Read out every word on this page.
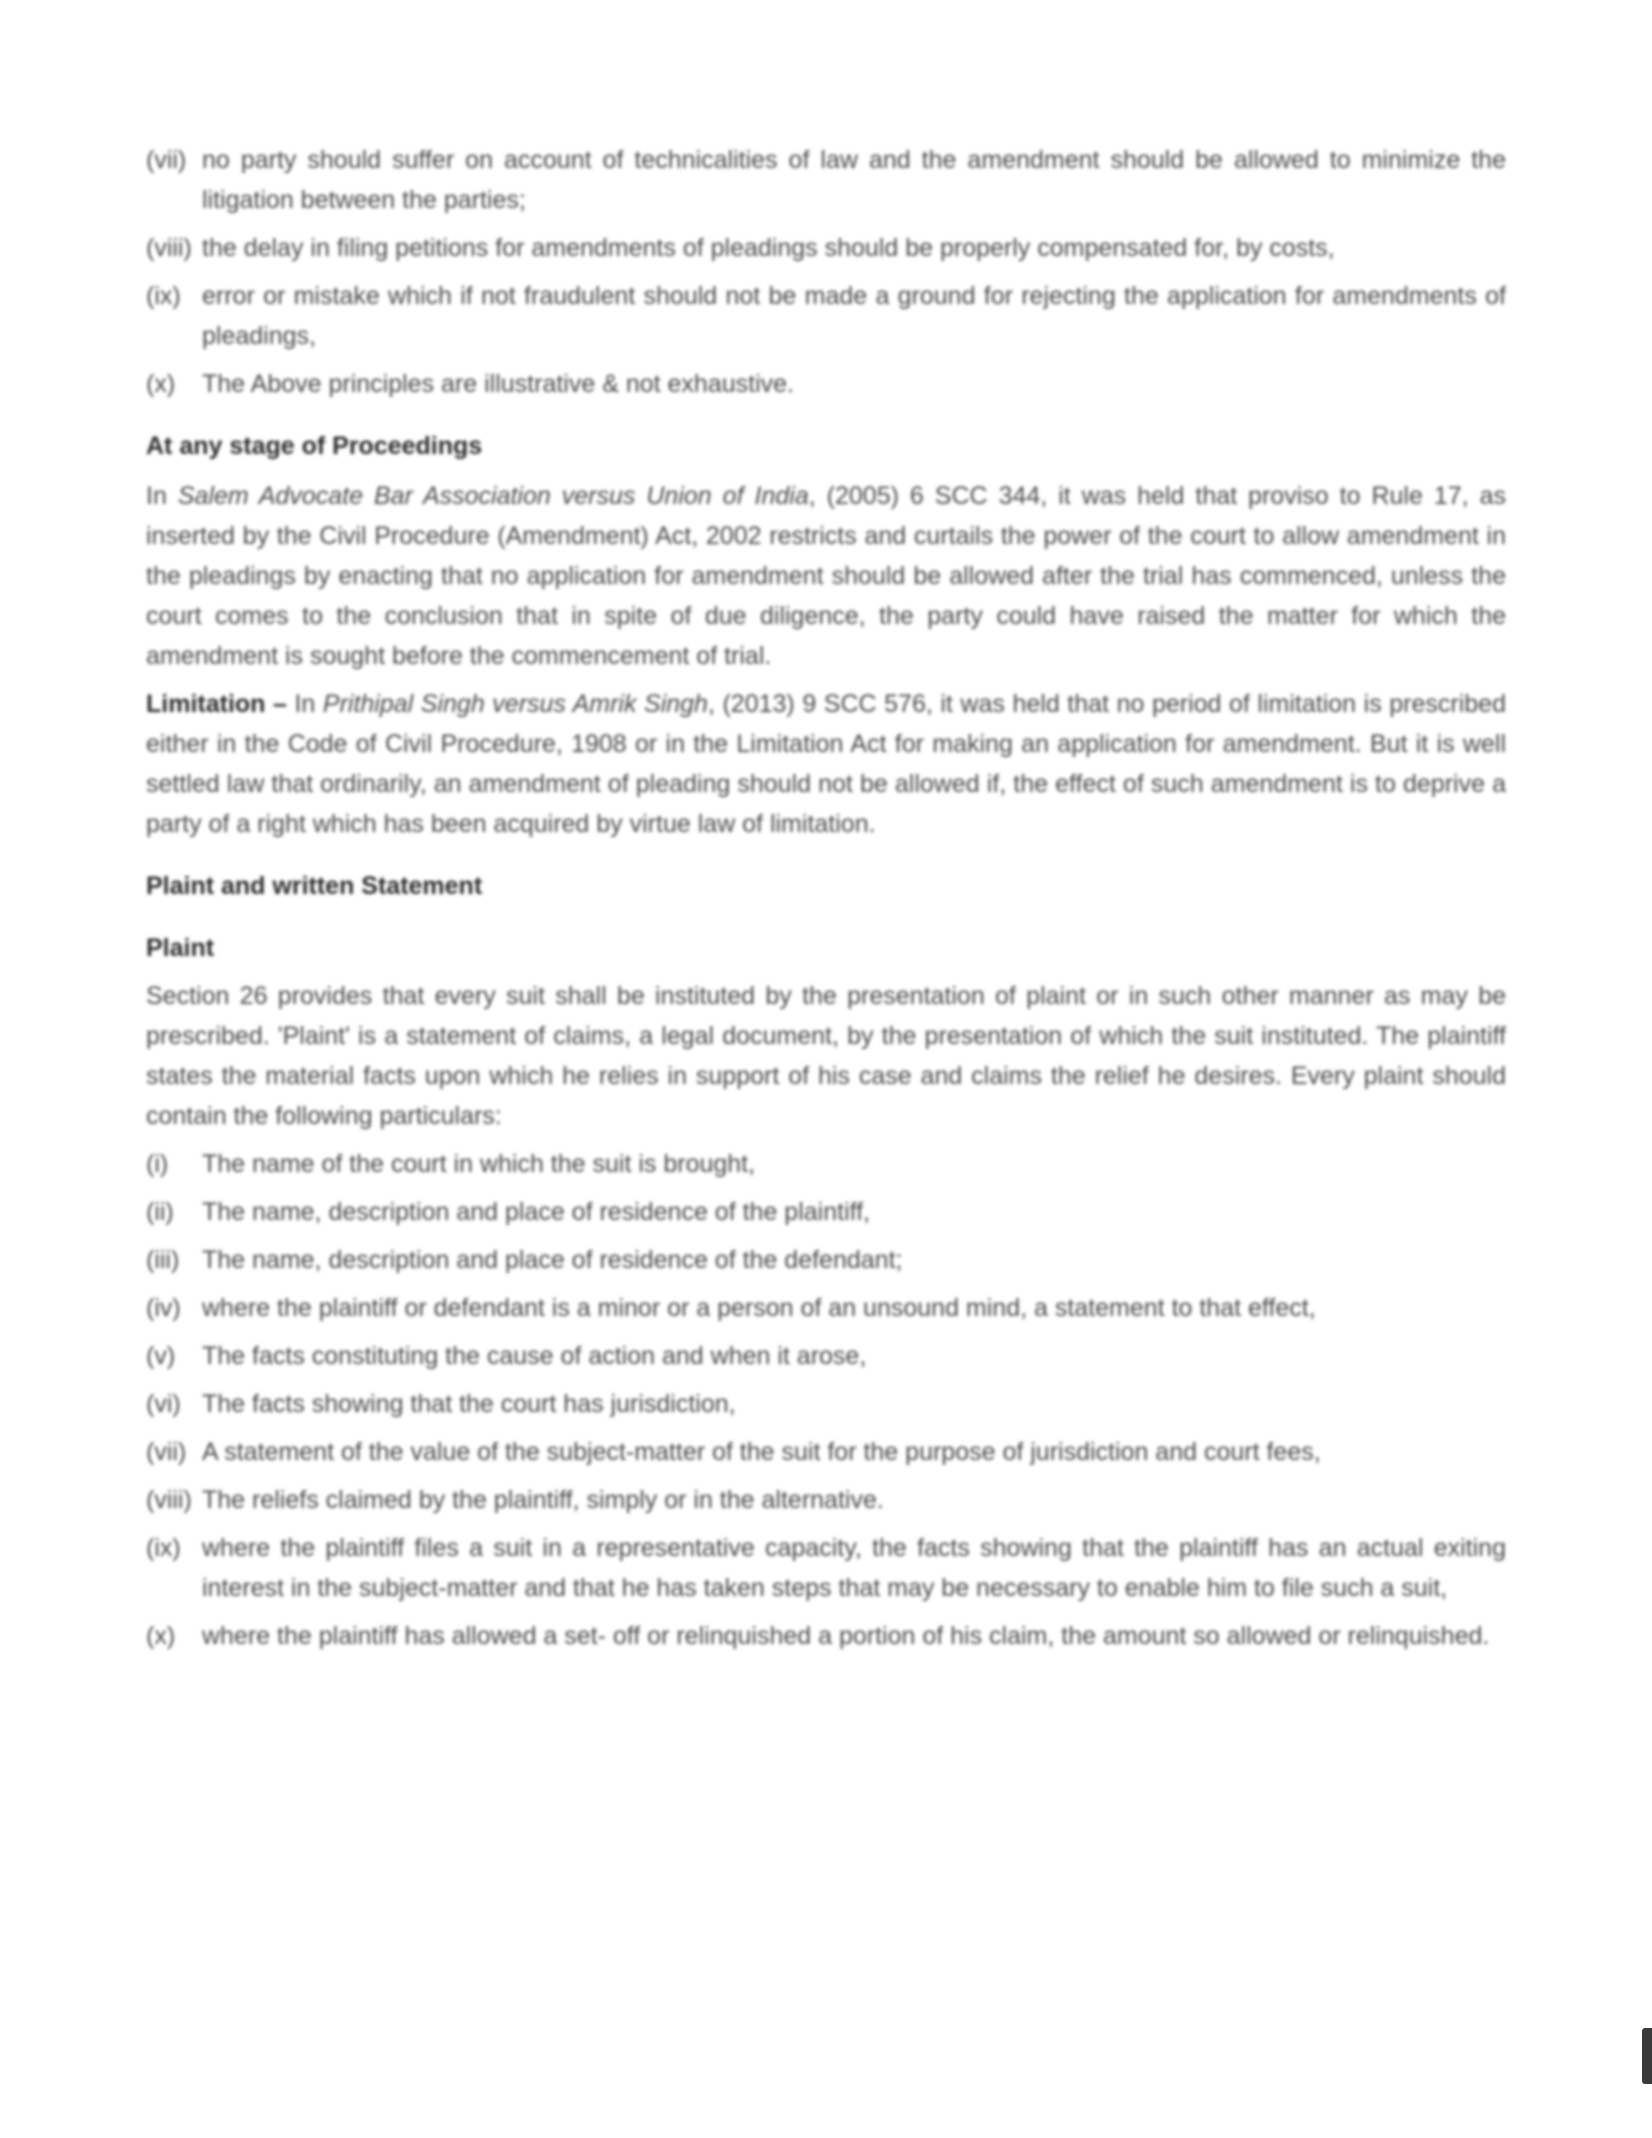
(vii) no party should suffer on account of technicalities of law and the amendment should be allowed to minimize the litigation between the parties;
(viii) the delay in filing petitions for amendments of pleadings should be properly compensated for, by costs,
(ix) error or mistake which if not fraudulent should not be made a ground for rejecting the application for amendments of pleadings,
(x)	The Above principles are illustrative & not exhaustive.
At any stage of Proceedings
In Salem Advocate Bar Association versus Union of India, (2005) 6 SCC 344, it was held that proviso to Rule 17, as inserted by the Civil Procedure (Amendment) Act, 2002 restricts and curtails the power of the court to allow amendment in the pleadings by enacting that no application for amendment should be allowed after the trial has commenced, unless the court comes to the conclusion that in spite of due diligence, the party could have raised the matter for which the amendment is sought before the commencement of trial.
Limitation – In Prithipal Singh versus Amrik Singh, (2013) 9 SCC 576, it was held that no period of limitation is prescribed either in the Code of Civil Procedure, 1908 or in the Limitation Act for making an application for amendment. But it is well settled law that ordinarily, an amendment of pleading should not be allowed if, the effect of such amendment is to deprive a party of a right which has been acquired by virtue law of limitation.
Plaint and written Statement
Plaint
Section 26 provides that every suit shall be instituted by the presentation of plaint or in such other manner as may be prescribed. 'Plaint' is a statement of claims, a legal document, by the presentation of which the suit instituted. The plaintiff states the material facts upon which he relies in support of his case and claims the relief he desires. Every plaint should contain the following particulars:
(i)	The name of the court in which the suit is brought,
(ii)	The name, description and place of residence of the plaintiff,
(iii) The name, description and place of residence of the defendant;
(iv) where the plaintiff or defendant is a minor or a person of an unsound mind, a statement to that effect,
(v)	The facts constituting the cause of action and when it arose,
(vi) The facts showing that the court has jurisdiction,
(vii) A statement of the value of the subject-matter of the suit for the purpose of jurisdiction and court fees,
(viii) The reliefs claimed by the plaintiff, simply or in the alternative.
(ix) where the plaintiff files a suit in a representative capacity, the facts showing that the plaintiff has an actual exiting interest in the subject-matter and that he has taken steps that may be necessary to enable him to file such a suit,
(x)	where the plaintiff has allowed a set- off or relinquished a portion of his claim, the amount so allowed or relinquished.
